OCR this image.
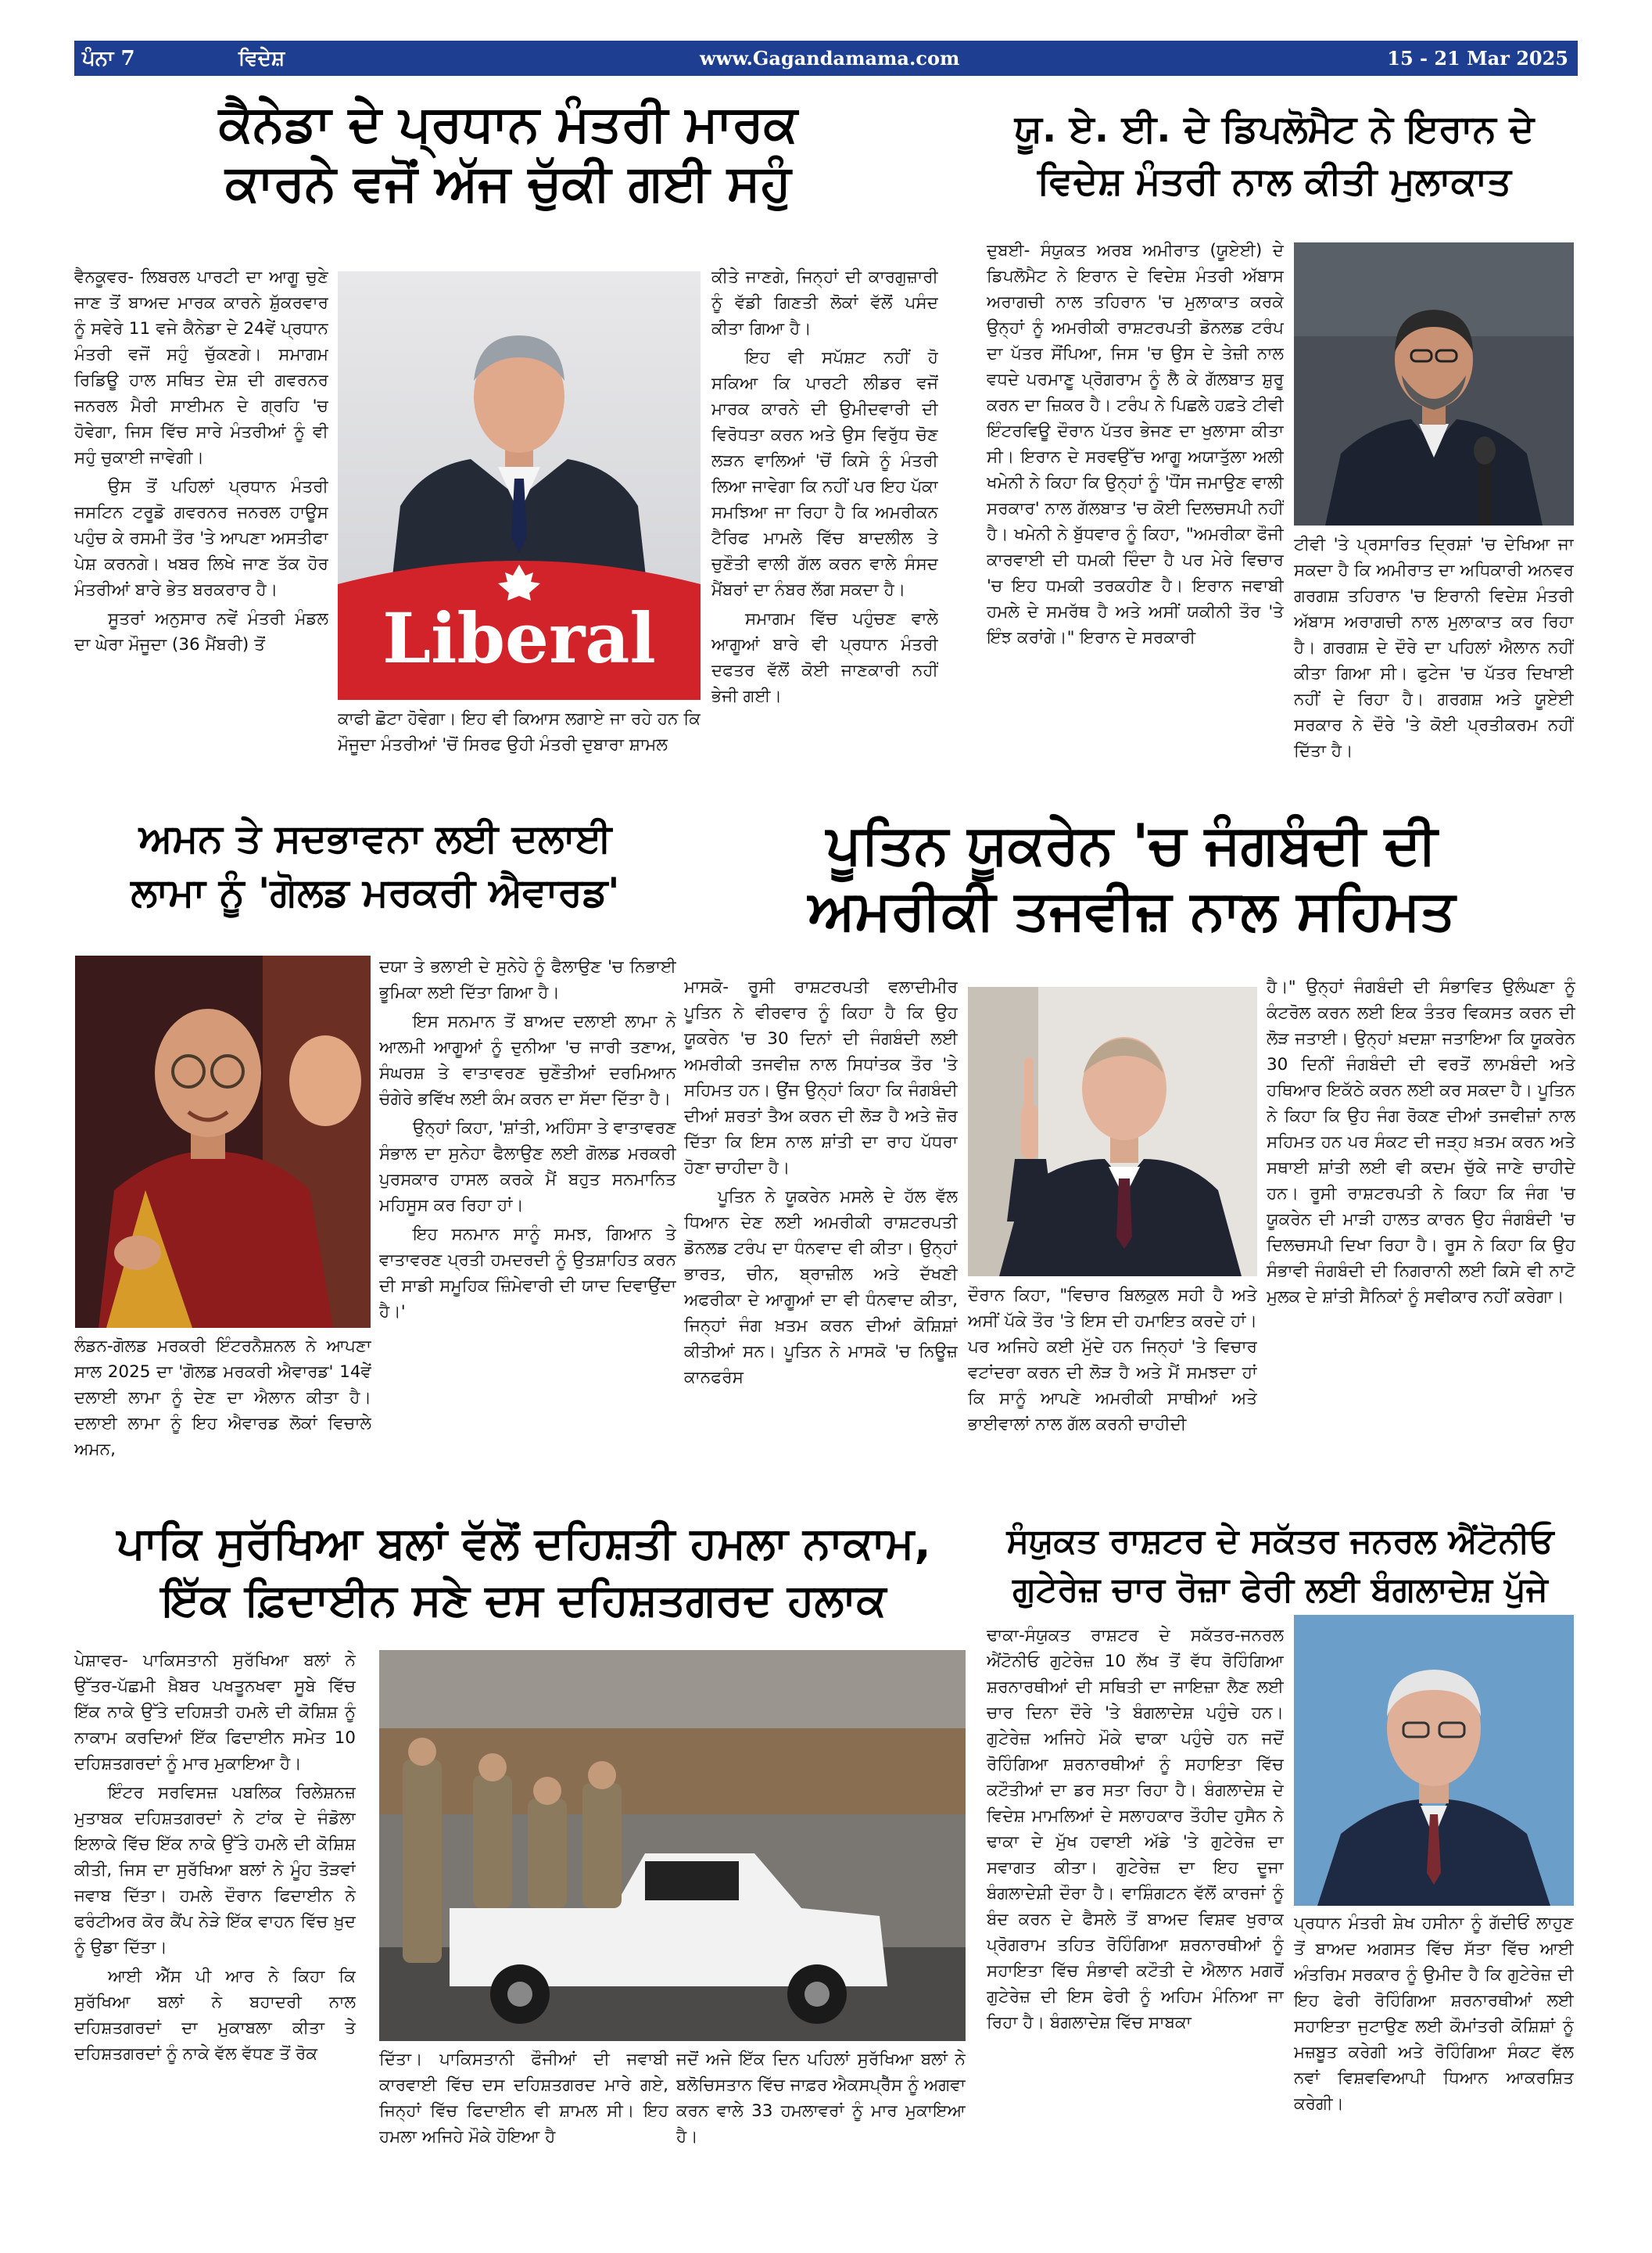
ਪੰਨਾ 7	ਵਿਦੇਸ਼	www.Gagandamama.com	15 - 21 Mar 2025
ਕੈਨੇਡਾ ਦੇ ਪ੍ਰਧਾਨ ਮੰਤਰੀ ਮਾਰਕ
ਕਾਰਨੇ ਵਜੋਂ ਅੱਜ ਚੁੱਕੀ ਗਈ ਸਹੁੰ

ਵੈਨਕੂਵਰ- ਲਿਬਰਲ ਪਾਰਟੀ ਦਾ ਆਗੂ ਚੁਣੇ ਜਾਣ ਤੋਂ ਬਾਅਦ ਮਾਰਕ ਕਾਰਨੇ ਸ਼ੁੱਕਰਵਾਰ ਨੂੰ ਸਵੇਰੇ 11 ਵਜੇ ਕੈਨੇਡਾ ਦੇ 24ਵੇਂ ਪ੍ਰਧਾਨ ਮੰਤਰੀ ਵਜੋਂ ਸਹੁੰ ਚੁੱਕਣਗੇ। ਸਮਾਗਮ ਰਿਡਿਊ ਹਾਲ ਸਥਿਤ ਦੇਸ਼ ਦੀ ਗਵਰਨਰ ਜਨਰਲ ਮੈਰੀ ਸਾਈਮਨ ਦੇ ਗ੍ਰਹਿ 'ਚ ਹੋਵੇਗਾ, ਜਿਸ ਵਿੱਚ ਸਾਰੇ ਮੰਤਰੀਆਂ ਨੂੰ ਵੀ ਸਹੁੰ ਚੁਕਾਈ ਜਾਵੇਗੀ।

ਉਸ ਤੋਂ ਪਹਿਲਾਂ ਪ੍ਰਧਾਨ ਮੰਤਰੀ ਜਸਟਿਨ ਟਰੂਡੋ ਗਵਰਨਰ ਜਨਰਲ ਹਾਊਸ ਪਹੁੰਚ ਕੇ ਰਸਮੀ ਤੌਰ 'ਤੇ ਆਪਣਾ ਅਸਤੀਫਾ ਪੇਸ਼ ਕਰਨਗੇ। ਖਬਰ ਲਿਖੇ ਜਾਣ ਤੱਕ ਹੋਰ ਮੰਤਰੀਆਂ ਬਾਰੇ ਭੇਤ ਬਰਕਰਾਰ ਹੈ।

ਸੂਤਰਾਂ ਅਨੁਸਾਰ ਨਵੇਂ ਮੰਤਰੀ ਮੰਡਲ ਦਾ ਘੇਰਾ ਮੌਜੂਦਾ (36 ਮੈਂਬਰੀ) ਤੋਂ	Liberal

ਕਾਫੀ ਛੋਟਾ ਹੋਵੇਗਾ। ਇਹ ਵੀ ਕਿਆਸ ਲਗਾਏ ਜਾ ਰਹੇ ਹਨ ਕਿ ਮੌਜੂਦਾ ਮੰਤਰੀਆਂ 'ਚੋਂ ਸਿਰਫ ਉਹੀ ਮੰਤਰੀ ਦੁਬਾਰਾ ਸ਼ਾਮਲ

ਕੀਤੇ ਜਾਣਗੇ, ਜਿਨ੍ਹਾਂ ਦੀ ਕਾਰਗੁਜ਼ਾਰੀ ਨੂੰ ਵੱਡੀ ਗਿਣਤੀ ਲੋਕਾਂ ਵੱਲੋਂ ਪਸੰਦ ਕੀਤਾ ਗਿਆ ਹੈ।

ਇਹ ਵੀ ਸਪੱਸ਼ਟ ਨਹੀਂ ਹੋ ਸਕਿਆ ਕਿ ਪਾਰਟੀ ਲੀਡਰ ਵਜੋਂ ਮਾਰਕ ਕਾਰਨੇ ਦੀ ਉਮੀਦਵਾਰੀ ਦੀ ਵਿਰੋਧਤਾ ਕਰਨ ਅਤੇ ਉਸ ਵਿਰੁੱਧ ਚੋਣ ਲੜਨ ਵਾਲਿਆਂ 'ਚੋਂ ਕਿਸੇ ਨੂੰ ਮੰਤਰੀ ਲਿਆ ਜਾਵੇਗਾ ਕਿ ਨਹੀਂ ਪਰ ਇਹ ਪੱਕਾ ਸਮਝਿਆ ਜਾ ਰਿਹਾ ਹੈ ਕਿ ਅਮਰੀਕਨ ਟੈਰਿਫ ਮਾਮਲੇ ਵਿੱਚ ਬਾਦਲੀਲ ਤੇ ਚੁਣੌਤੀ ਵਾਲੀ ਗੱਲ ਕਰਨ ਵਾਲੇ ਸੰਸਦ ਮੈਂਬਰਾਂ ਦਾ ਨੰਬਰ ਲੱਗ ਸਕਦਾ ਹੈ।

ਸਮਾਗਮ ਵਿੱਚ ਪਹੁੰਚਣ ਵਾਲੇ ਆਗੂਆਂ ਬਾਰੇ ਵੀ ਪ੍ਰਧਾਨ ਮੰਤਰੀ ਦਫਤਰ ਵੱਲੋਂ ਕੋਈ ਜਾਣਕਾਰੀ ਨਹੀਂ ਭੇਜੀ ਗਈ।

ਯੂ. ਏ. ਈ. ਦੇ ਡਿਪਲੋਮੈਟ ਨੇ ਇਰਾਨ ਦੇ
ਵਿਦੇਸ਼ ਮੰਤਰੀ ਨਾਲ ਕੀਤੀ ਮੁਲਾਕਾਤ

ਦੁਬਈ- ਸੰਯੁਕਤ ਅਰਬ ਅਮੀਰਾਤ (ਯੂਏਈ) ਦੇ ਡਿਪਲੋਮੈਟ ਨੇ ਇਰਾਨ ਦੇ ਵਿਦੇਸ਼ ਮੰਤਰੀ ਅੱਬਾਸ ਅਰਾਗਚੀ ਨਾਲ ਤਹਿਰਾਨ 'ਚ ਮੁਲਾਕਾਤ ਕਰਕੇ ਉਨ੍ਹਾਂ ਨੂੰ ਅਮਰੀਕੀ ਰਾਸ਼ਟਰਪਤੀ ਡੋਨਲਡ ਟਰੰਪ ਦਾ ਪੱਤਰ ਸੌਂਪਿਆ, ਜਿਸ 'ਚ ਉਸ ਦੇ ਤੇਜ਼ੀ ਨਾਲ ਵਧਦੇ ਪਰਮਾਣੂ ਪ੍ਰੋਗਰਾਮ ਨੂੰ ਲੈ ਕੇ ਗੱਲਬਾਤ ਸ਼ੁਰੂ ਕਰਨ ਦਾ ਜ਼ਿਕਰ ਹੈ। ਟਰੰਪ ਨੇ ਪਿਛਲੇ ਹਫ਼ਤੇ ਟੀਵੀ ਇੰਟਰਵਿਊ ਦੌਰਾਨ ਪੱਤਰ ਭੇਜਣ ਦਾ ਖੁਲਾਸਾ ਕੀਤਾ ਸੀ। ਇਰਾਨ ਦੇ ਸਰਵਉੱਚ ਆਗੂ ਅਯਾਤੁੱਲਾ ਅਲੀ ਖਮੇਨੀ ਨੇ ਕਿਹਾ ਕਿ ਉਨ੍ਹਾਂ ਨੂੰ 'ਧੌਂਸ ਜਮਾਉਣ ਵਾਲੀ ਸਰਕਾਰ' ਨਾਲ ਗੱਲਬਾਤ 'ਚ ਕੋਈ ਦਿਲਚਸਪੀ ਨਹੀਂ ਹੈ। ਖਮੇਨੀ ਨੇ ਬੁੱਧਵਾਰ ਨੂੰ ਕਿਹਾ, "ਅਮਰੀਕਾ ਫੌਜੀ ਕਾਰਵਾਈ ਦੀ ਧਮਕੀ ਦਿੰਦਾ ਹੈ ਪਰ ਮੇਰੇ ਵਿਚਾਰ 'ਚ ਇਹ ਧਮਕੀ ਤਰਕਹੀਣ ਹੈ। ਇਰਾਨ ਜਵਾਬੀ ਹਮਲੇ ਦੇ ਸਮਰੱਥ ਹੈ ਅਤੇ ਅਸੀਂ ਯਕੀਨੀ ਤੌਰ 'ਤੇ ਇੰਝ ਕਰਾਂਗੇ।" ਇਰਾਨ ਦੇ ਸਰਕਾਰੀ

ਟੀਵੀ 'ਤੇ ਪ੍ਰਸਾਰਿਤ ਦ੍ਰਿਸ਼ਾਂ 'ਚ ਦੇਖਿਆ ਜਾ ਸਕਦਾ ਹੈ ਕਿ ਅਮੀਰਾਤ ਦਾ ਅਧਿਕਾਰੀ ਅਨਵਰ ਗਰਗਸ਼ ਤਹਿਰਾਨ 'ਚ ਇਰਾਨੀ ਵਿਦੇਸ਼ ਮੰਤਰੀ ਅੱਬਾਸ ਅਰਾਗਚੀ ਨਾਲ ਮੁਲਾਕਾਤ ਕਰ ਰਿਹਾ ਹੈ। ਗਰਗਸ਼ ਦੇ ਦੌਰੇ ਦਾ ਪਹਿਲਾਂ ਐਲਾਨ ਨਹੀਂ ਕੀਤਾ ਗਿਆ ਸੀ। ਫੁਟੇਜ 'ਚ ਪੱਤਰ ਦਿਖਾਈ ਨਹੀਂ ਦੇ ਰਿਹਾ ਹੈ। ਗਰਗਸ਼ ਅਤੇ ਯੂਏਈ ਸਰਕਾਰ ਨੇ ਦੌਰੇ 'ਤੇ ਕੋਈ ਪ੍ਰਤੀਕਰਮ ਨਹੀਂ ਦਿੱਤਾ ਹੈ।

ਅਮਨ ਤੇ ਸਦਭਾਵਨਾ ਲਈ ਦਲਾਈ
ਲਾਮਾ ਨੂੰ 'ਗੋਲਡ ਮਰਕਰੀ ਐਵਾਰਡ'

ਲੰਡਨ-ਗੋਲਡ ਮਰਕਰੀ ਇੰਟਰਨੈਸ਼ਨਲ ਨੇ ਆਪਣਾ ਸਾਲ 2025 ਦਾ 'ਗੋਲਡ ਮਰਕਰੀ ਐਵਾਰਡ' 14ਵੇਂ ਦਲਾਈ ਲਾਮਾ ਨੂੰ ਦੇਣ ਦਾ ਐਲਾਨ ਕੀਤਾ ਹੈ। ਦਲਾਈ ਲਾਮਾ ਨੂੰ ਇਹ ਐਵਾਰਡ ਲੋਕਾਂ ਵਿਚਾਲੇ ਅਮਨ,

ਦਯਾ ਤੇ ਭਲਾਈ ਦੇ ਸੁਨੇਹੇ ਨੂੰ ਫੈਲਾਉਣ 'ਚ ਨਿਭਾਈ ਭੂਮਿਕਾ ਲਈ ਦਿੱਤਾ ਗਿਆ ਹੈ।

ਇਸ ਸਨਮਾਨ ਤੋਂ ਬਾਅਦ ਦਲਾਈ ਲਾਮਾ ਨੇ ਆਲਮੀ ਆਗੂਆਂ ਨੂੰ ਦੁਨੀਆ 'ਚ ਜਾਰੀ ਤਣਾਅ, ਸੰਘਰਸ਼ ਤੇ ਵਾਤਾਵਰਣ ਚੁਣੌਤੀਆਂ ਦਰਮਿਆਨ ਚੰਗੇਰੇ ਭਵਿੱਖ ਲਈ ਕੰਮ ਕਰਨ ਦਾ ਸੱਦਾ ਦਿੱਤਾ ਹੈ।

ਉਨ੍ਹਾਂ ਕਿਹਾ, 'ਸ਼ਾਂਤੀ, ਅਹਿੰਸਾ ਤੇ ਵਾਤਾਵਰਣ ਸੰਭਾਲ ਦਾ ਸੁਨੇਹਾ ਫੈਲਾਉਣ ਲਈ ਗੋਲਡ ਮਰਕਰੀ ਪੁਰਸਕਾਰ ਹਾਸਲ ਕਰਕੇ ਮੈਂ ਬਹੁਤ ਸਨਮਾਨਿਤ ਮਹਿਸੂਸ ਕਰ ਰਿਹਾ ਹਾਂ।

ਇਹ ਸਨਮਾਨ ਸਾਨੂੰ ਸਮਝ, ਗਿਆਨ ਤੇ ਵਾਤਾਵਰਣ ਪ੍ਰਤੀ ਹਮਦਰਦੀ ਨੂੰ ਉਤਸ਼ਾਹਿਤ ਕਰਨ ਦੀ ਸਾਡੀ ਸਮੂਹਿਕ ਜ਼ਿੰਮੇਵਾਰੀ ਦੀ ਯਾਦ ਦਿਵਾਉਂਦਾ ਹੈ।'

ਪੂਤਿਨ ਯੂਕਰੇਨ 'ਚ ਜੰਗਬੰਦੀ ਦੀ
ਅਮਰੀਕੀ ਤਜਵੀਜ਼ ਨਾਲ ਸਹਿਮਤ

ਮਾਸਕੋ- ਰੂਸੀ ਰਾਸ਼ਟਰਪਤੀ ਵਲਾਦੀਮੀਰ ਪੂਤਿਨ ਨੇ ਵੀਰਵਾਰ ਨੂੰ ਕਿਹਾ ਹੈ ਕਿ ਉਹ ਯੂਕਰੇਨ 'ਚ 30 ਦਿਨਾਂ ਦੀ ਜੰਗਬੰਦੀ ਲਈ ਅਮਰੀਕੀ ਤਜਵੀਜ਼ ਨਾਲ ਸਿਧਾਂਤਕ ਤੌਰ 'ਤੇ ਸਹਿਮਤ ਹਨ। ਉਂਜ ਉਨ੍ਹਾਂ ਕਿਹਾ ਕਿ ਜੰਗਬੰਦੀ ਦੀਆਂ ਸ਼ਰਤਾਂ ਤੈਅ ਕਰਨ ਦੀ ਲੋੜ ਹੈ ਅਤੇ ਜ਼ੋਰ ਦਿੱਤਾ ਕਿ ਇਸ ਨਾਲ ਸ਼ਾਂਤੀ ਦਾ ਰਾਹ ਪੱਧਰਾ ਹੋਣਾ ਚਾਹੀਦਾ ਹੈ।

ਪੂਤਿਨ ਨੇ ਯੂਕਰੇਨ ਮਸਲੇ ਦੇ ਹੱਲ ਵੱਲ ਧਿਆਨ ਦੇਣ ਲਈ ਅਮਰੀਕੀ ਰਾਸ਼ਟਰਪਤੀ ਡੋਨਲਡ ਟਰੰਪ ਦਾ ਧੰਨਵਾਦ ਵੀ ਕੀਤਾ। ਉਨ੍ਹਾਂ ਭਾਰਤ, ਚੀਨ, ਬ੍ਰਾਜ਼ੀਲ ਅਤੇ ਦੱਖਣੀ ਅਫਰੀਕਾ ਦੇ ਆਗੂਆਂ ਦਾ ਵੀ ਧੰਨਵਾਦ ਕੀਤਾ, ਜਿਨ੍ਹਾਂ ਜੰਗ ਖ਼ਤਮ ਕਰਨ ਦੀਆਂ ਕੋਸ਼ਿਸ਼ਾਂ ਕੀਤੀਆਂ ਸਨ। ਪੂਤਿਨ ਨੇ ਮਾਸਕੋ 'ਚ ਨਿਊਜ਼ ਕਾਨਫਰੰਸ

ਦੌਰਾਨ ਕਿਹਾ, "ਵਿਚਾਰ ਬਿਲਕੁਲ ਸਹੀ ਹੈ ਅਤੇ ਅਸੀਂ ਪੱਕੇ ਤੌਰ 'ਤੇ ਇਸ ਦੀ ਹਮਾਇਤ ਕਰਦੇ ਹਾਂ। ਪਰ ਅਜਿਹੇ ਕਈ ਮੁੱਦੇ ਹਨ ਜਿਨ੍ਹਾਂ 'ਤੇ ਵਿਚਾਰ ਵਟਾਂਦਰਾ ਕਰਨ ਦੀ ਲੋੜ ਹੈ ਅਤੇ ਮੈਂ ਸਮਝਦਾ ਹਾਂ ਕਿ ਸਾਨੂੰ ਆਪਣੇ ਅਮਰੀਕੀ ਸਾਥੀਆਂ ਅਤੇ ਭਾਈਵਾਲਾਂ ਨਾਲ ਗੱਲ ਕਰਨੀ ਚਾਹੀਦੀ

ਹੈ।" ਉਨ੍ਹਾਂ ਜੰਗਬੰਦੀ ਦੀ ਸੰਭਾਵਿਤ ਉਲੰਘਣਾ ਨੂੰ ਕੰਟਰੋਲ ਕਰਨ ਲਈ ਇਕ ਤੰਤਰ ਵਿਕਸਤ ਕਰਨ ਦੀ ਲੋੜ ਜਤਾਈ। ਉਨ੍ਹਾਂ ਖ਼ਦਸ਼ਾ ਜਤਾਇਆ ਕਿ ਯੂਕਰੇਨ 30 ਦਿਨੀਂ ਜੰਗਬੰਦੀ ਦੀ ਵਰਤੋਂ ਲਾਮਬੰਦੀ ਅਤੇ ਹਥਿਆਰ ਇਕੱਠੇ ਕਰਨ ਲਈ ਕਰ ਸਕਦਾ ਹੈ। ਪੂਤਿਨ ਨੇ ਕਿਹਾ ਕਿ ਉਹ ਜੰਗ ਰੋਕਣ ਦੀਆਂ ਤਜਵੀਜ਼ਾਂ ਨਾਲ ਸਹਿਮਤ ਹਨ ਪਰ ਸੰਕਟ ਦੀ ਜੜ੍ਹ ਖ਼ਤਮ ਕਰਨ ਅਤੇ ਸਥਾਈ ਸ਼ਾਂਤੀ ਲਈ ਵੀ ਕਦਮ ਚੁੱਕੇ ਜਾਣੇ ਚਾਹੀਦੇ ਹਨ। ਰੂਸੀ ਰਾਸ਼ਟਰਪਤੀ ਨੇ ਕਿਹਾ ਕਿ ਜੰਗ 'ਚ ਯੂਕਰੇਨ ਦੀ ਮਾੜੀ ਹਾਲਤ ਕਾਰਨ ਉਹ ਜੰਗਬੰਦੀ 'ਚ ਦਿਲਚਸਪੀ ਦਿਖਾ ਰਿਹਾ ਹੈ। ਰੂਸ ਨੇ ਕਿਹਾ ਕਿ ਉਹ ਸੰਭਾਵੀ ਜੰਗਬੰਦੀ ਦੀ ਨਿਗਰਾਨੀ ਲਈ ਕਿਸੇ ਵੀ ਨਾਟੋ ਮੁਲਕ ਦੇ ਸ਼ਾਂਤੀ ਸੈਨਿਕਾਂ ਨੂੰ ਸਵੀਕਾਰ ਨਹੀਂ ਕਰੇਗਾ।

ਪਾਕਿ ਸੁਰੱਖਿਆ ਬਲਾਂ ਵੱਲੋਂ ਦਹਿਸ਼ਤੀ ਹਮਲਾ ਨਾਕਾਮ,
ਇੱਕ ਫ਼ਿਦਾਈਨ ਸਣੇ ਦਸ ਦਹਿਸ਼ਤਗਰਦ ਹਲਾਕ

ਪੇਸ਼ਾਵਰ- ਪਾਕਿਸਤਾਨੀ ਸੁਰੱਖਿਆ ਬਲਾਂ ਨੇ ਉੱਤਰ-ਪੱਛਮੀ ਖ਼ੈਬਰ ਪਖਤੂਨਖਵਾ ਸੂਬੇ ਵਿੱਚ ਇੱਕ ਨਾਕੇ ਉੱਤੇ ਦਹਿਸ਼ਤੀ ਹਮਲੇ ਦੀ ਕੋਸ਼ਿਸ਼ ਨੂੰ ਨਾਕਾਮ ਕਰਦਿਆਂ ਇੱਕ ਫਿਦਾਈਨ ਸਮੇਤ 10 ਦਹਿਸ਼ਤਗਰਦਾਂ ਨੂੰ ਮਾਰ ਮੁਕਾਇਆ ਹੈ।

ਇੰਟਰ ਸਰਵਿਸਜ਼ ਪਬਲਿਕ ਰਿਲੇਸ਼ਨਜ਼ ਮੁਤਾਬਕ ਦਹਿਸ਼ਤਗਰਦਾਂ ਨੇ ਟਾਂਕ ਦੇ ਜੰਡੋਲਾ ਇਲਾਕੇ ਵਿੱਚ ਇੱਕ ਨਾਕੇ ਉੱਤੇ ਹਮਲੇ ਦੀ ਕੋਸ਼ਿਸ਼ ਕੀਤੀ, ਜਿਸ ਦਾ ਸੁਰੱਖਿਆ ਬਲਾਂ ਨੇ ਮੂੰਹ ਤੋੜਵਾਂ ਜਵਾਬ ਦਿੱਤਾ। ਹਮਲੇ ਦੌਰਾਨ ਫਿਦਾਈਨ ਨੇ ਫਰੰਟੀਅਰ ਕੋਰ ਕੈਂਪ ਨੇੜੇ ਇੱਕ ਵਾਹਨ ਵਿੱਚ ਖ਼ੁਦ ਨੂੰ ਉਡਾ ਦਿੱਤਾ।

ਆਈ ਐੱਸ ਪੀ ਆਰ ਨੇ ਕਿਹਾ ਕਿ ਸੁਰੱਖਿਆ ਬਲਾਂ ਨੇ ਬਹਾਦਰੀ ਨਾਲ ਦਹਿਸ਼ਤਗਰਦਾਂ ਦਾ ਮੁਕਾਬਲਾ ਕੀਤਾ ਤੇ ਦਹਿਸ਼ਤਗਰਦਾਂ ਨੂੰ ਨਾਕੇ ਵੱਲ ਵੱਧਣ ਤੋਂ ਰੋਕ	ਦਿੱਤਾ। ਪਾਕਿਸਤਾਨੀ ਫੌਜੀਆਂ ਦੀ ਜਵਾਬੀ ਕਾਰਵਾਈ ਵਿੱਚ ਦਸ ਦਹਿਸ਼ਤਗਰਦ ਮਾਰੇ ਗਏ, ਜਿਨ੍ਹਾਂ ਵਿੱਚ ਫਿਦਾਈਨ ਵੀ ਸ਼ਾਮਲ ਸੀ। ਇਹ ਹਮਲਾ ਅਜਿਹੇ ਮੌਕੇ ਹੋਇਆ ਹੈ

ਜਦੋਂ ਅਜੇ ਇੱਕ ਦਿਨ ਪਹਿਲਾਂ ਸੁਰੱਖਿਆ ਬਲਾਂ ਨੇ ਬਲੋਚਿਸਤਾਨ ਵਿੱਚ ਜਾਫ਼ਰ ਐਕਸਪ੍ਰੈੱਸ ਨੂੰ ਅਗਵਾ ਕਰਨ ਵਾਲੇ 33 ਹਮਲਾਵਰਾਂ ਨੂੰ ਮਾਰ ਮੁਕਾਇਆ ਹੈ।

ਸੰਯੁਕਤ ਰਾਸ਼ਟਰ ਦੇ ਸਕੱਤਰ ਜਨਰਲ ਐਂਟੋਨੀਓ
ਗੁਟੇਰੇਜ਼ ਚਾਰ ਰੋਜ਼ਾ ਫੇਰੀ ਲਈ ਬੰਗਲਾਦੇਸ਼ ਪੁੱਜੇ

ਢਾਕਾ-ਸੰਯੁਕਤ ਰਾਸ਼ਟਰ ਦੇ ਸਕੱਤਰ-ਜਨਰਲ ਐਂਟੋਨੀਓ ਗੁਟੇਰੇਜ਼ 10 ਲੱਖ ਤੋਂ ਵੱਧ ਰੋਹਿੰਗਿਆ ਸ਼ਰਨਾਰਥੀਆਂ ਦੀ ਸਥਿਤੀ ਦਾ ਜਾਇਜ਼ਾ ਲੈਣ ਲਈ ਚਾਰ ਦਿਨਾ ਦੌਰੇ 'ਤੇ ਬੰਗਲਾਦੇਸ਼ ਪਹੁੰਚੇ ਹਨ। ਗੁਟੇਰੇਜ਼ ਅਜਿਹੇ ਮੌਕੇ ਢਾਕਾ ਪਹੁੰਚੇ ਹਨ ਜਦੋਂ ਰੋਹਿੰਗਿਆ ਸ਼ਰਨਾਰਥੀਆਂ ਨੂੰ ਸਹਾਇਤਾ ਵਿੱਚ ਕਟੌਤੀਆਂ ਦਾ ਡਰ ਸਤਾ ਰਿਹਾ ਹੈ। ਬੰਗਲਾਦੇਸ਼ ਦੇ ਵਿਦੇਸ਼ ਮਾਮਲਿਆਂ ਦੇ ਸਲਾਹਕਾਰ ਤੌਹੀਦ ਹੁਸੈਨ ਨੇ ਢਾਕਾ ਦੇ ਮੁੱਖ ਹਵਾਈ ਅੱਡੇ 'ਤੇ ਗੁਟੇਰੇਜ਼ ਦਾ ਸਵਾਗਤ ਕੀਤਾ। ਗੁਟੇਰੇਜ਼ ਦਾ ਇਹ ਦੂਜਾ ਬੰਗਲਾਦੇਸ਼ੀ ਦੌਰਾ ਹੈ। ਵਾਸ਼ਿੰਗਟਨ ਵੱਲੋਂ ਕਾਰਜਾਂ ਨੂੰ ਬੰਦ ਕਰਨ ਦੇ ਫੈਸਲੇ ਤੋਂ ਬਾਅਦ ਵਿਸ਼ਵ ਖੁਰਾਕ ਪ੍ਰੋਗਰਾਮ ਤਹਿਤ ਰੋਹਿੰਗਿਆ ਸ਼ਰਨਾਰਥੀਆਂ ਨੂੰ ਸਹਾਇਤਾ ਵਿੱਚ ਸੰਭਾਵੀ ਕਟੌਤੀ ਦੇ ਐਲਾਨ ਮਗਰੋਂ ਗੁਟੇਰੇਜ਼ ਦੀ ਇਸ ਫੇਰੀ ਨੂੰ ਅਹਿਮ ਮੰਨਿਆ ਜਾ ਰਿਹਾ ਹੈ। ਬੰਗਲਾਦੇਸ਼ ਵਿੱਚ ਸਾਬਕਾ

ਪ੍ਰਧਾਨ ਮੰਤਰੀ ਸ਼ੇਖ ਹਸੀਨਾ ਨੂੰ ਗੱਦੀਓਂ ਲਾਹੁਣ ਤੋਂ ਬਾਅਦ ਅਗਸਤ ਵਿੱਚ ਸੱਤਾ ਵਿੱਚ ਆਈ ਅੰਤਰਿਮ ਸਰਕਾਰ ਨੂੰ ਉਮੀਦ ਹੈ ਕਿ ਗੁਟੇਰੇਜ਼ ਦੀ ਇਹ ਫੇਰੀ ਰੋਹਿੰਗਿਆ ਸ਼ਰਨਾਰਥੀਆਂ ਲਈ ਸਹਾਇਤਾ ਜੁਟਾਉਣ ਲਈ ਕੌਮਾਂਤਰੀ ਕੋਸ਼ਿਸ਼ਾਂ ਨੂੰ ਮਜ਼ਬੂਤ ਕਰੇਗੀ ਅਤੇ ਰੋਹਿੰਗਿਆ ਸੰਕਟ ਵੱਲ ਨਵਾਂ ਵਿਸ਼ਵਵਿਆਪੀ ਧਿਆਨ ਆਕਰਸ਼ਿਤ ਕਰੇਗੀ।
